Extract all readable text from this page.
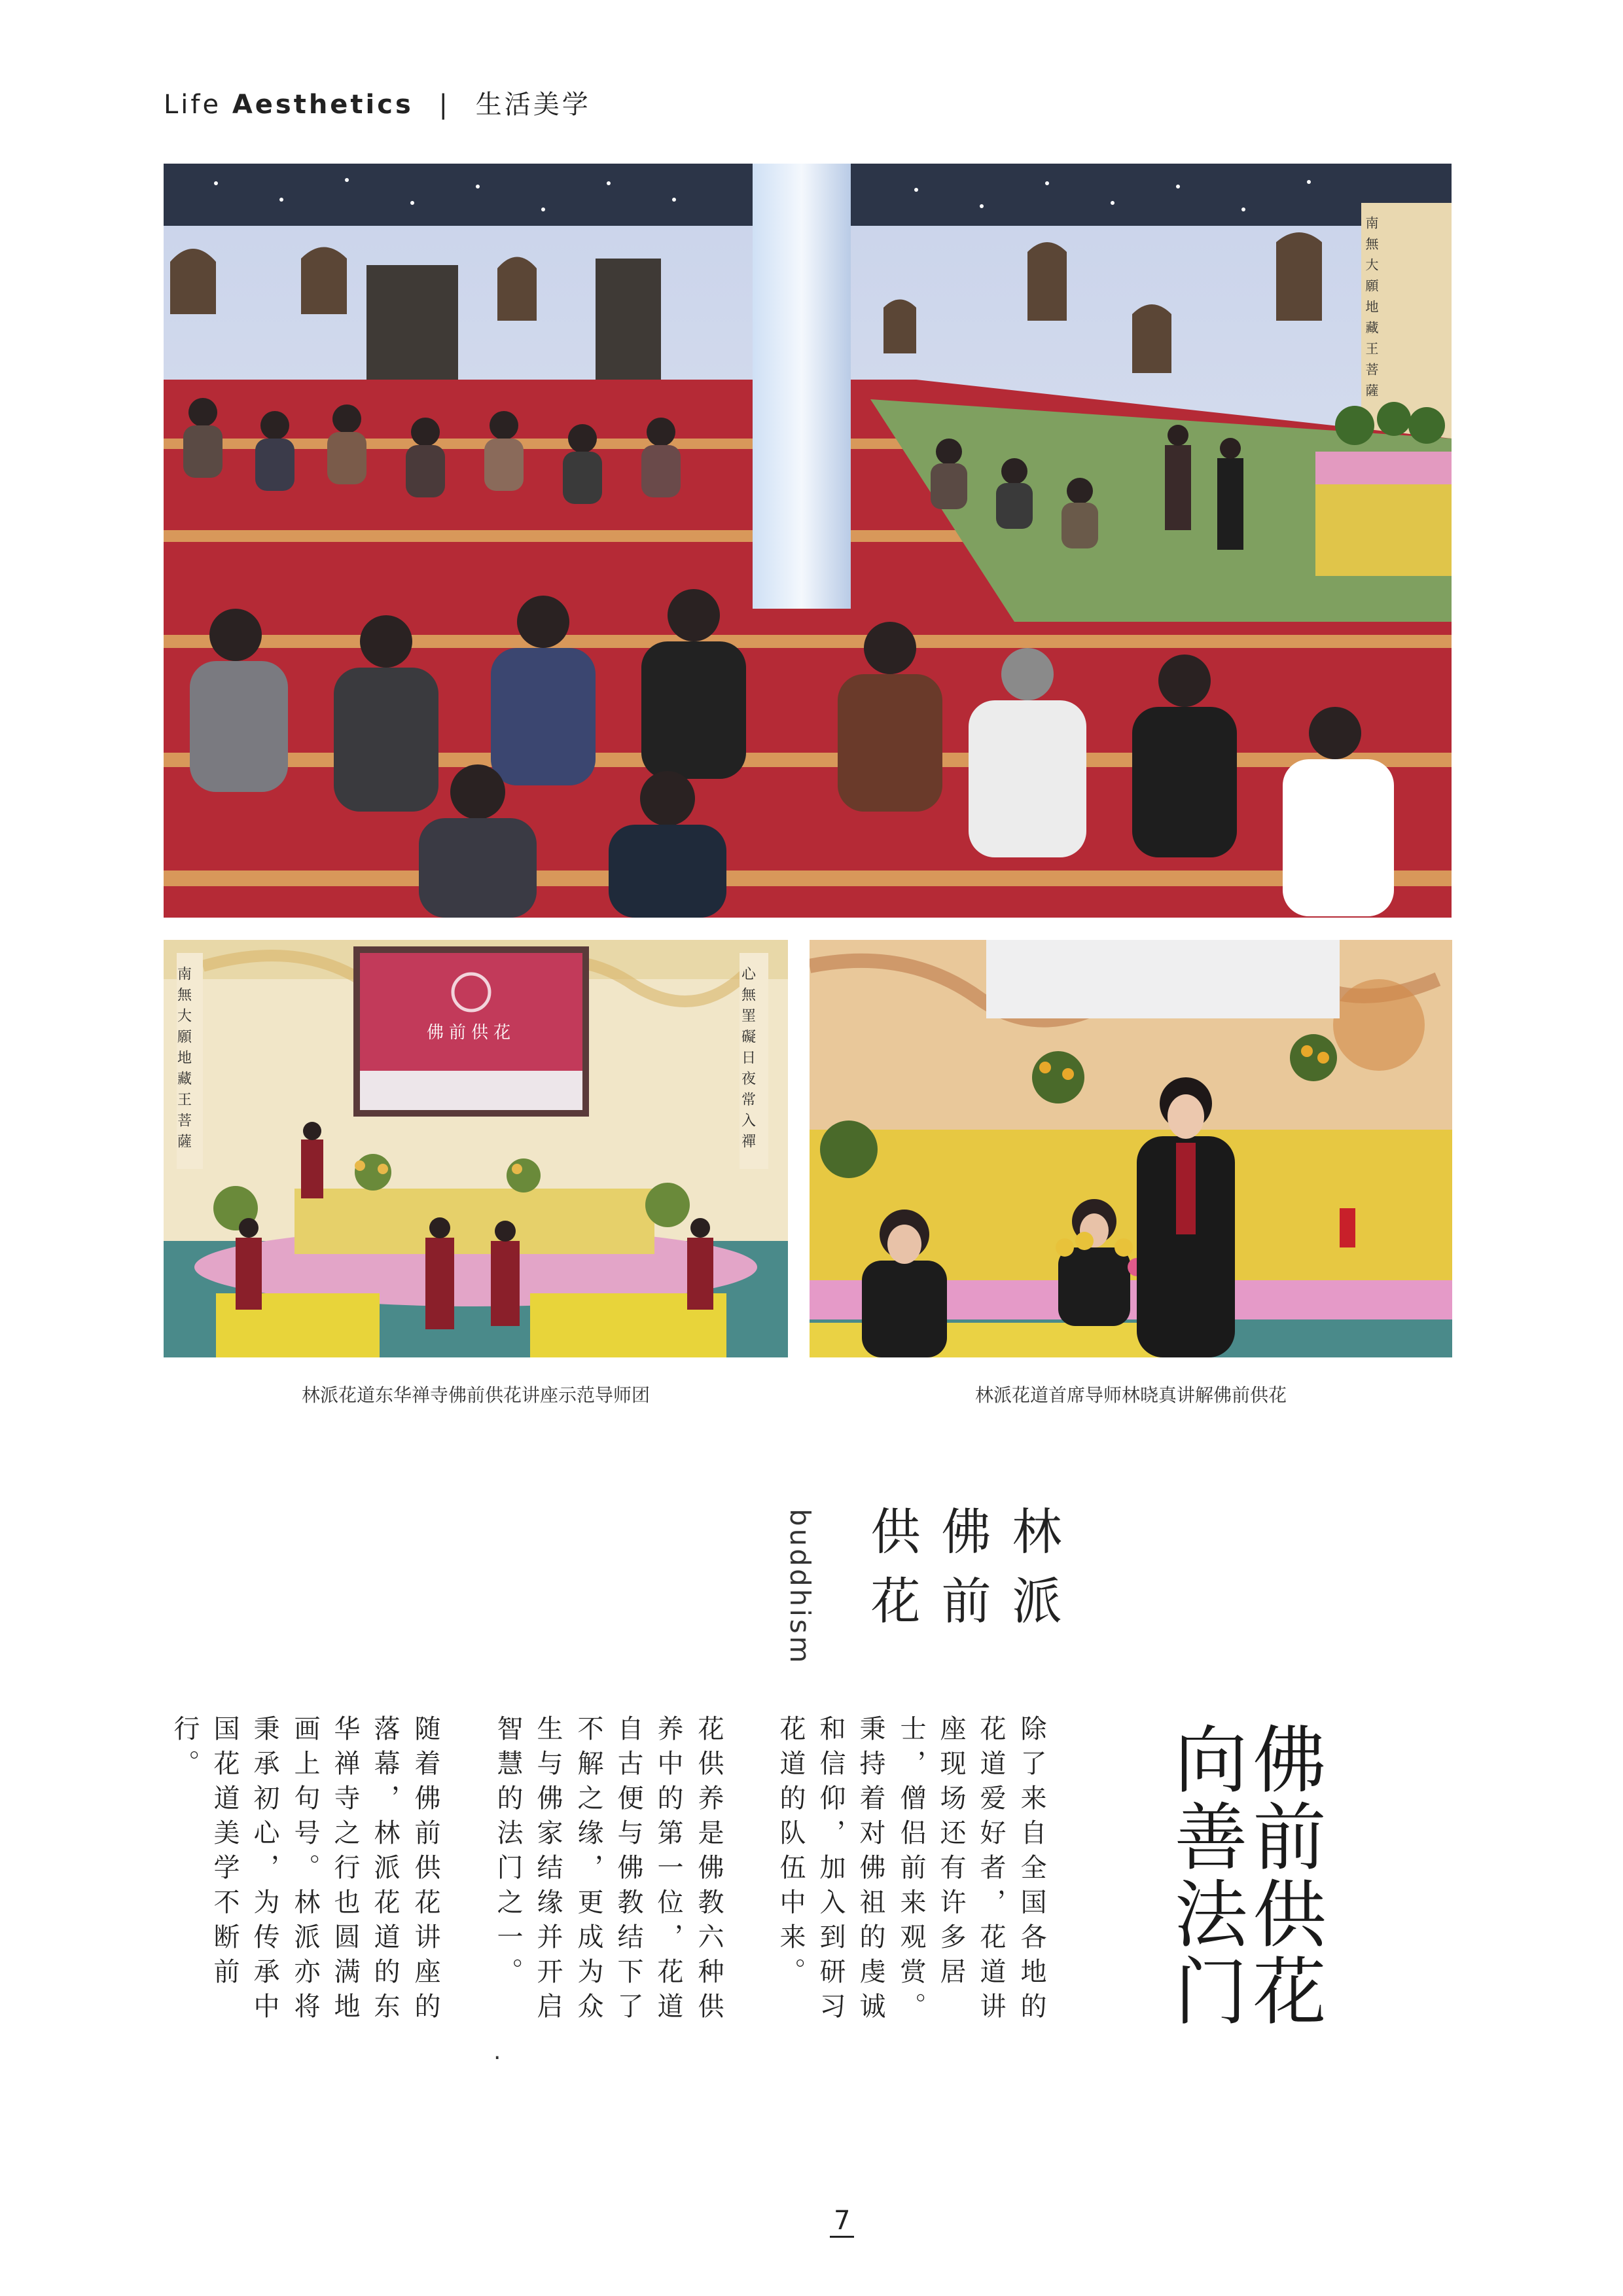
Life Aesthetics | 生活美学
南無大願地藏王菩薩
南無大願地藏王菩薩	心無罣礙日夜常入禪
佛前供花
林派花道东华禅寺佛前供花讲座示范导师团	林派花道首席导师林晓真讲解佛前供花
林派
佛前
供花
buddhism
佛前供花
向善法门
除了来自全国各地的
花道爱好者，花道讲
座现场还有许多居
士，僧侣前来观赏。
秉持着对佛祖的虔诚
和信仰，加入到研习
花道的队伍中来。
花供养是佛教六种供
养中的第一位，花道
自古便与佛教结下了
不解之缘，更成为众
生与佛家结缘并开启
智慧的法门之一。
随着佛前供花讲座的
落幕，林派花道的东
华禅寺之行也圆满地
画上句号。林派亦将
秉承初心，为传承中
国花道美学不断前
行。
·
7
